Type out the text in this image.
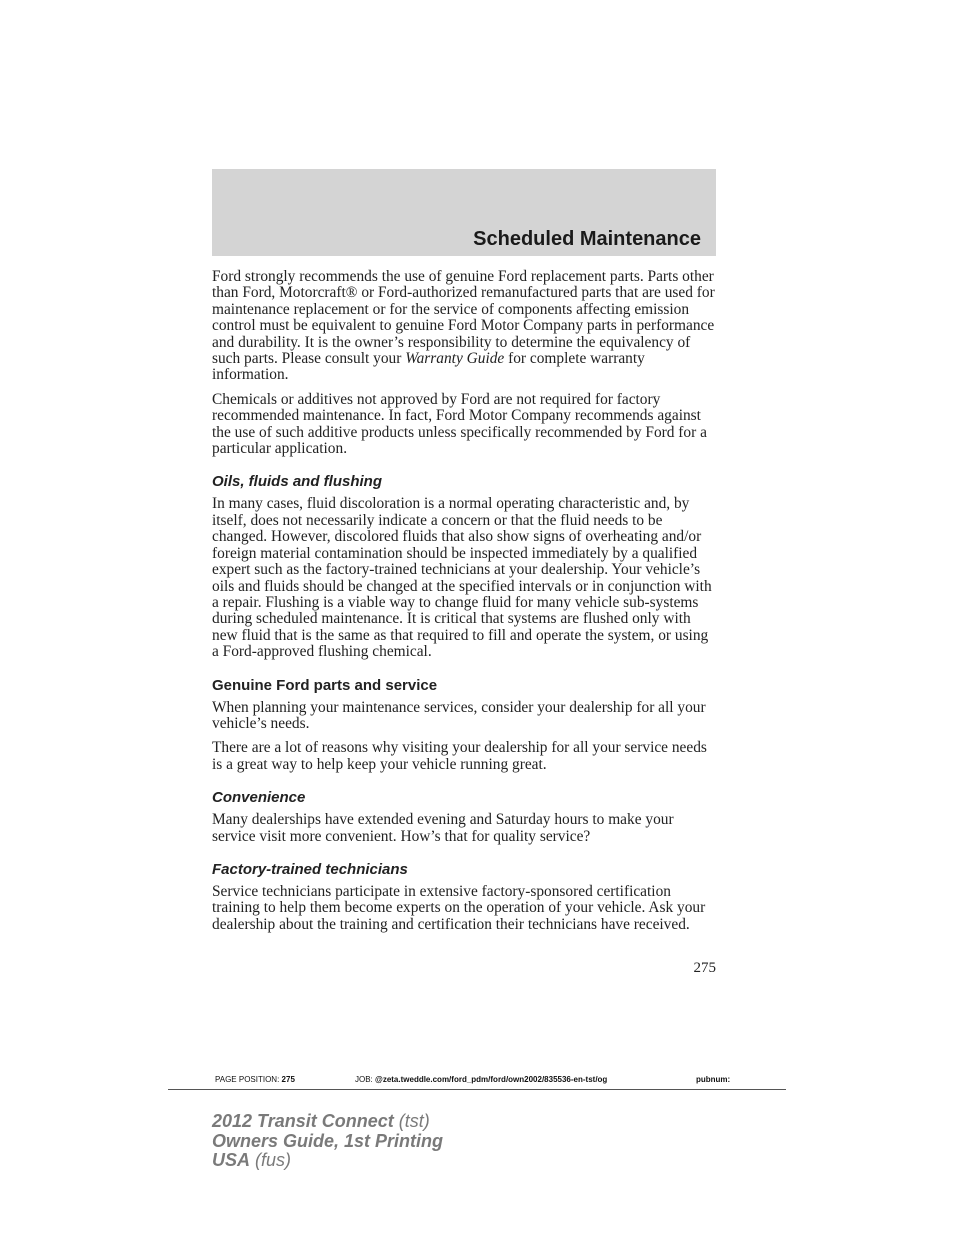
Scheduled Maintenance

Ford strongly recommends the use of genuine Ford replacement parts. Parts other than Ford, Motorcraft® or Ford-authorized remanufactured parts that are used for maintenance replacement or for the service of components affecting emission control must be equivalent to genuine Ford Motor Company parts in performance and durability. It is the owner’s responsibility to determine the equivalency of such parts. Please consult your Warranty Guide for complete warranty information.

Chemicals or additives not approved by Ford are not required for factory recommended maintenance. In fact, Ford Motor Company recommends against the use of such additive products unless specifically recommended by Ford for a particular application.

Oils, fluids and flushing

In many cases, fluid discoloration is a normal operating characteristic and, by itself, does not necessarily indicate a concern or that the fluid needs to be changed. However, discolored fluids that also show signs of overheating and/or foreign material contamination should be inspected immediately by a qualified expert such as the factory-trained technicians at your dealership. Your vehicle’s oils and fluids should be changed at the specified intervals or in conjunction with a repair. Flushing is a viable way to change fluid for many vehicle sub-systems during scheduled maintenance. It is critical that systems are flushed only with new fluid that is the same as that required to fill and operate the system, or using a Ford-approved flushing chemical.

Genuine Ford parts and service

When planning your maintenance services, consider your dealership for all your vehicle’s needs.

There are a lot of reasons why visiting your dealership for all your service needs is a great way to help keep your vehicle running great.

Convenience

Many dealerships have extended evening and Saturday hours to make your service visit more convenient. How’s that for quality service?

Factory-trained technicians

Service technicians participate in extensive factory-sponsored certification training to help them become experts on the operation of your vehicle. Ask your dealership about the training and certification their technicians have received.

275
PAGE POSITION: 275	JOB: @zeta.tweddle.com/ford_pdm/ford/own2002/835536-en-tst/og	pubnum:
2012 Transit Connect (tst)
Owners Guide, 1st Printing
USA (fus)
